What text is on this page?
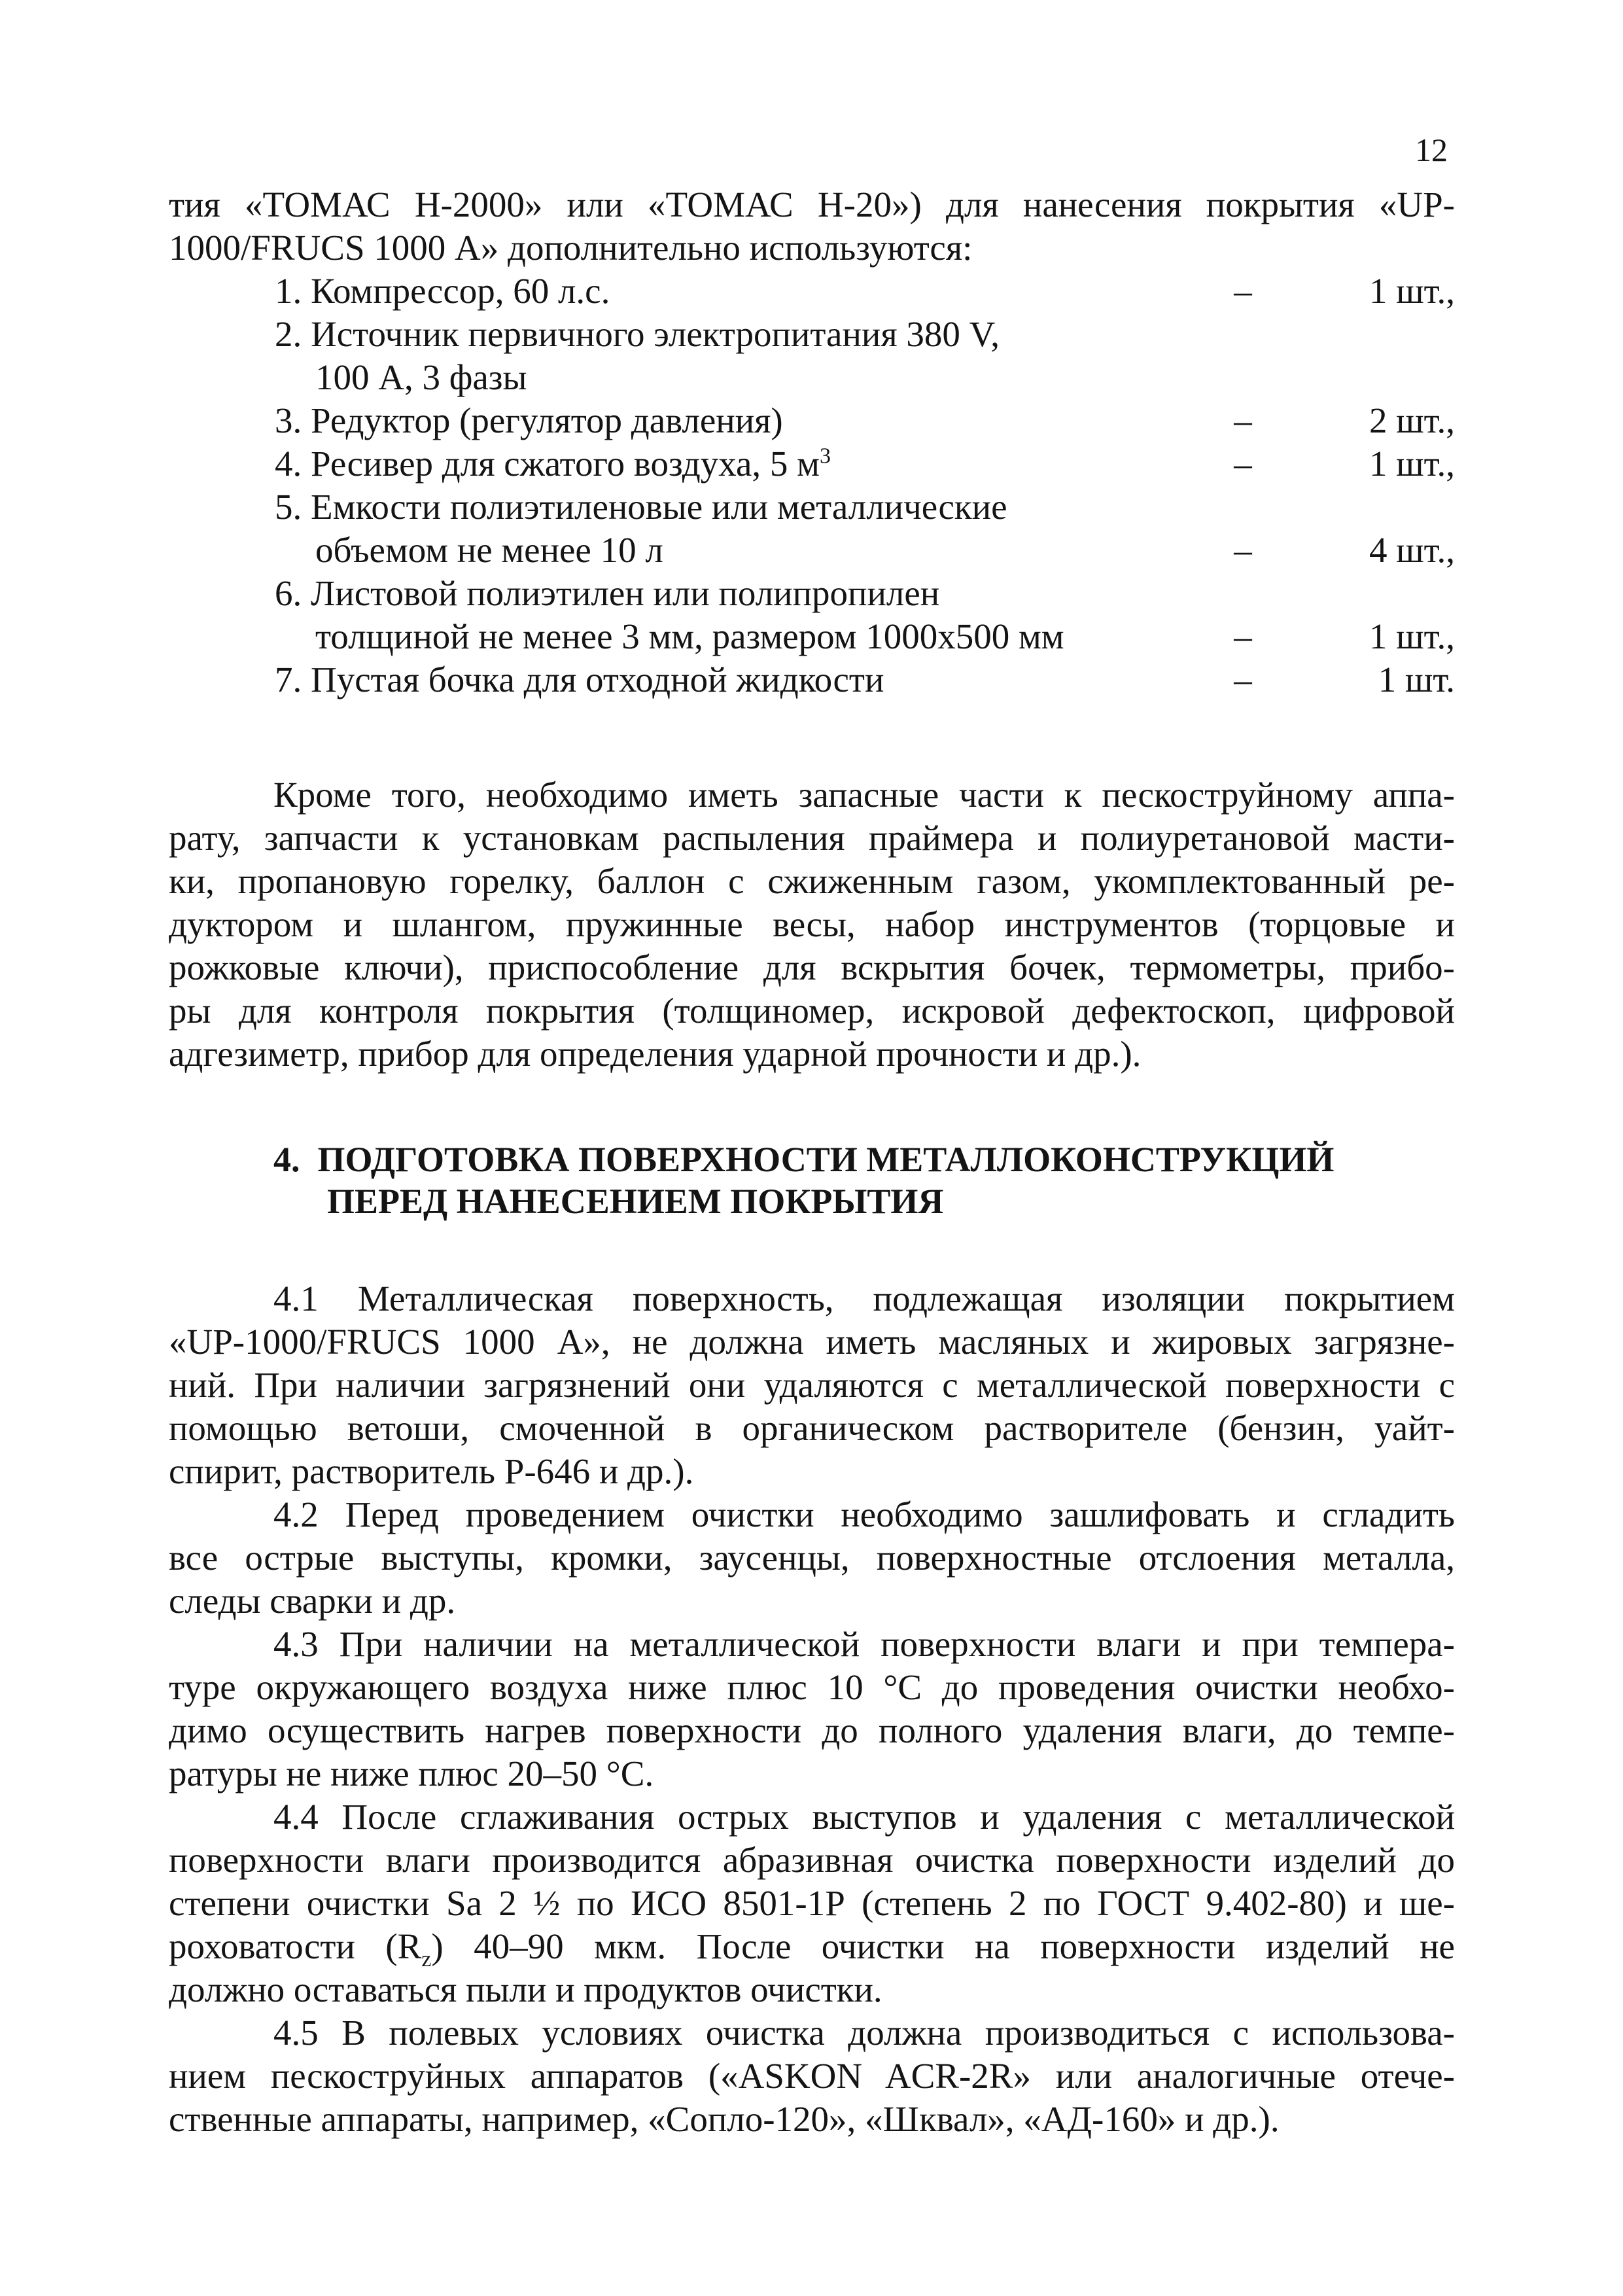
12
тия «ТОМАС Н-2000» или «ТОМАС Н-20») для нанесения покрытия «UP-
1000/FRUCS 1000 А» дополнительно используются:
1. Компрессор, 60 л.с.	–	1 шт.,
2. Источник первичного электропитания 380 V,
100 А, 3 фазы
3. Редуктор (регулятор давления)	–	2 шт.,
4. Ресивер для сжатого воздуха, 5 $м^3$	–	1 шт.,
5. Емкости полиэтиленовые или металлические
объемом не менее 10 л	–	4 шт.,
6. Листовой полиэтилен или полипропилен
толщиной не менее 3 мм, размером 1000х500 мм	–	1 шт.,
7. Пустая бочка для отходной жидкости	–	1 шт.
Кроме того, необходимо иметь запасные части к пескоструйному аппа-
рату, запчасти к установкам распыления праймера и полиуретановой масти-
ки, пропановую горелку, баллон с сжиженным газом, укомплектованный ре-
дуктором и шлангом, пружинные весы, набор инструментов (торцовые и
рожковые ключи), приспособление для вскрытия бочек, термометры, прибо-
ры для контроля покрытия (толщиномер, искровой дефектоскоп, цифровой
адгезиметр, прибор для определения ударной прочности и др.).
4. ПОДГОТОВКА ПОВЕРХНОСТИ МЕТАЛЛОКОНСТРУКЦИЙ
ПЕРЕД НАНЕСЕНИЕМ ПОКРЫТИЯ
4.1 Металлическая поверхность, подлежащая изоляции покрытием
«UP-1000/FRUCS 1000 А», не должна иметь масляных и жировых загрязне-
ний. При наличии загрязнений они удаляются с металлической поверхности с
помощью ветоши, смоченной в органическом растворителе (бензин, уайт-
спирит, растворитель Р-646 и др.).
4.2 Перед проведением очистки необходимо зашлифовать и сгладить
все острые выступы, кромки, заусенцы, поверхностные отслоения металла,
следы сварки и др.
4.3 При наличии на металлической поверхности влаги и при темпера-
туре окружающего воздуха ниже плюс 10 °С до проведения очистки необхо-
димо осуществить нагрев поверхности до полного удаления влаги, до темпе-
ратуры не ниже плюс 20–50 °С.
4.4 После сглаживания острых выступов и удаления с металлической
поверхности влаги производится абразивная очистка поверхности изделий до
степени очистки Sa 2 ½ по ИСО 8501-1Р (степень 2 по ГОСТ 9.402-80) и ше-
роховатости $(R_z)$ 40–90 мкм. После очистки на поверхности изделий не
должно оставаться пыли и продуктов очистки.
4.5 В полевых условиях очистка должна производиться с использова-
нием пескоструйных аппаратов («ASKON ACR-2R» или аналогичные отече-
ственные аппараты, например, «Сопло-120», «Шквал», «АД-160» и др.).
